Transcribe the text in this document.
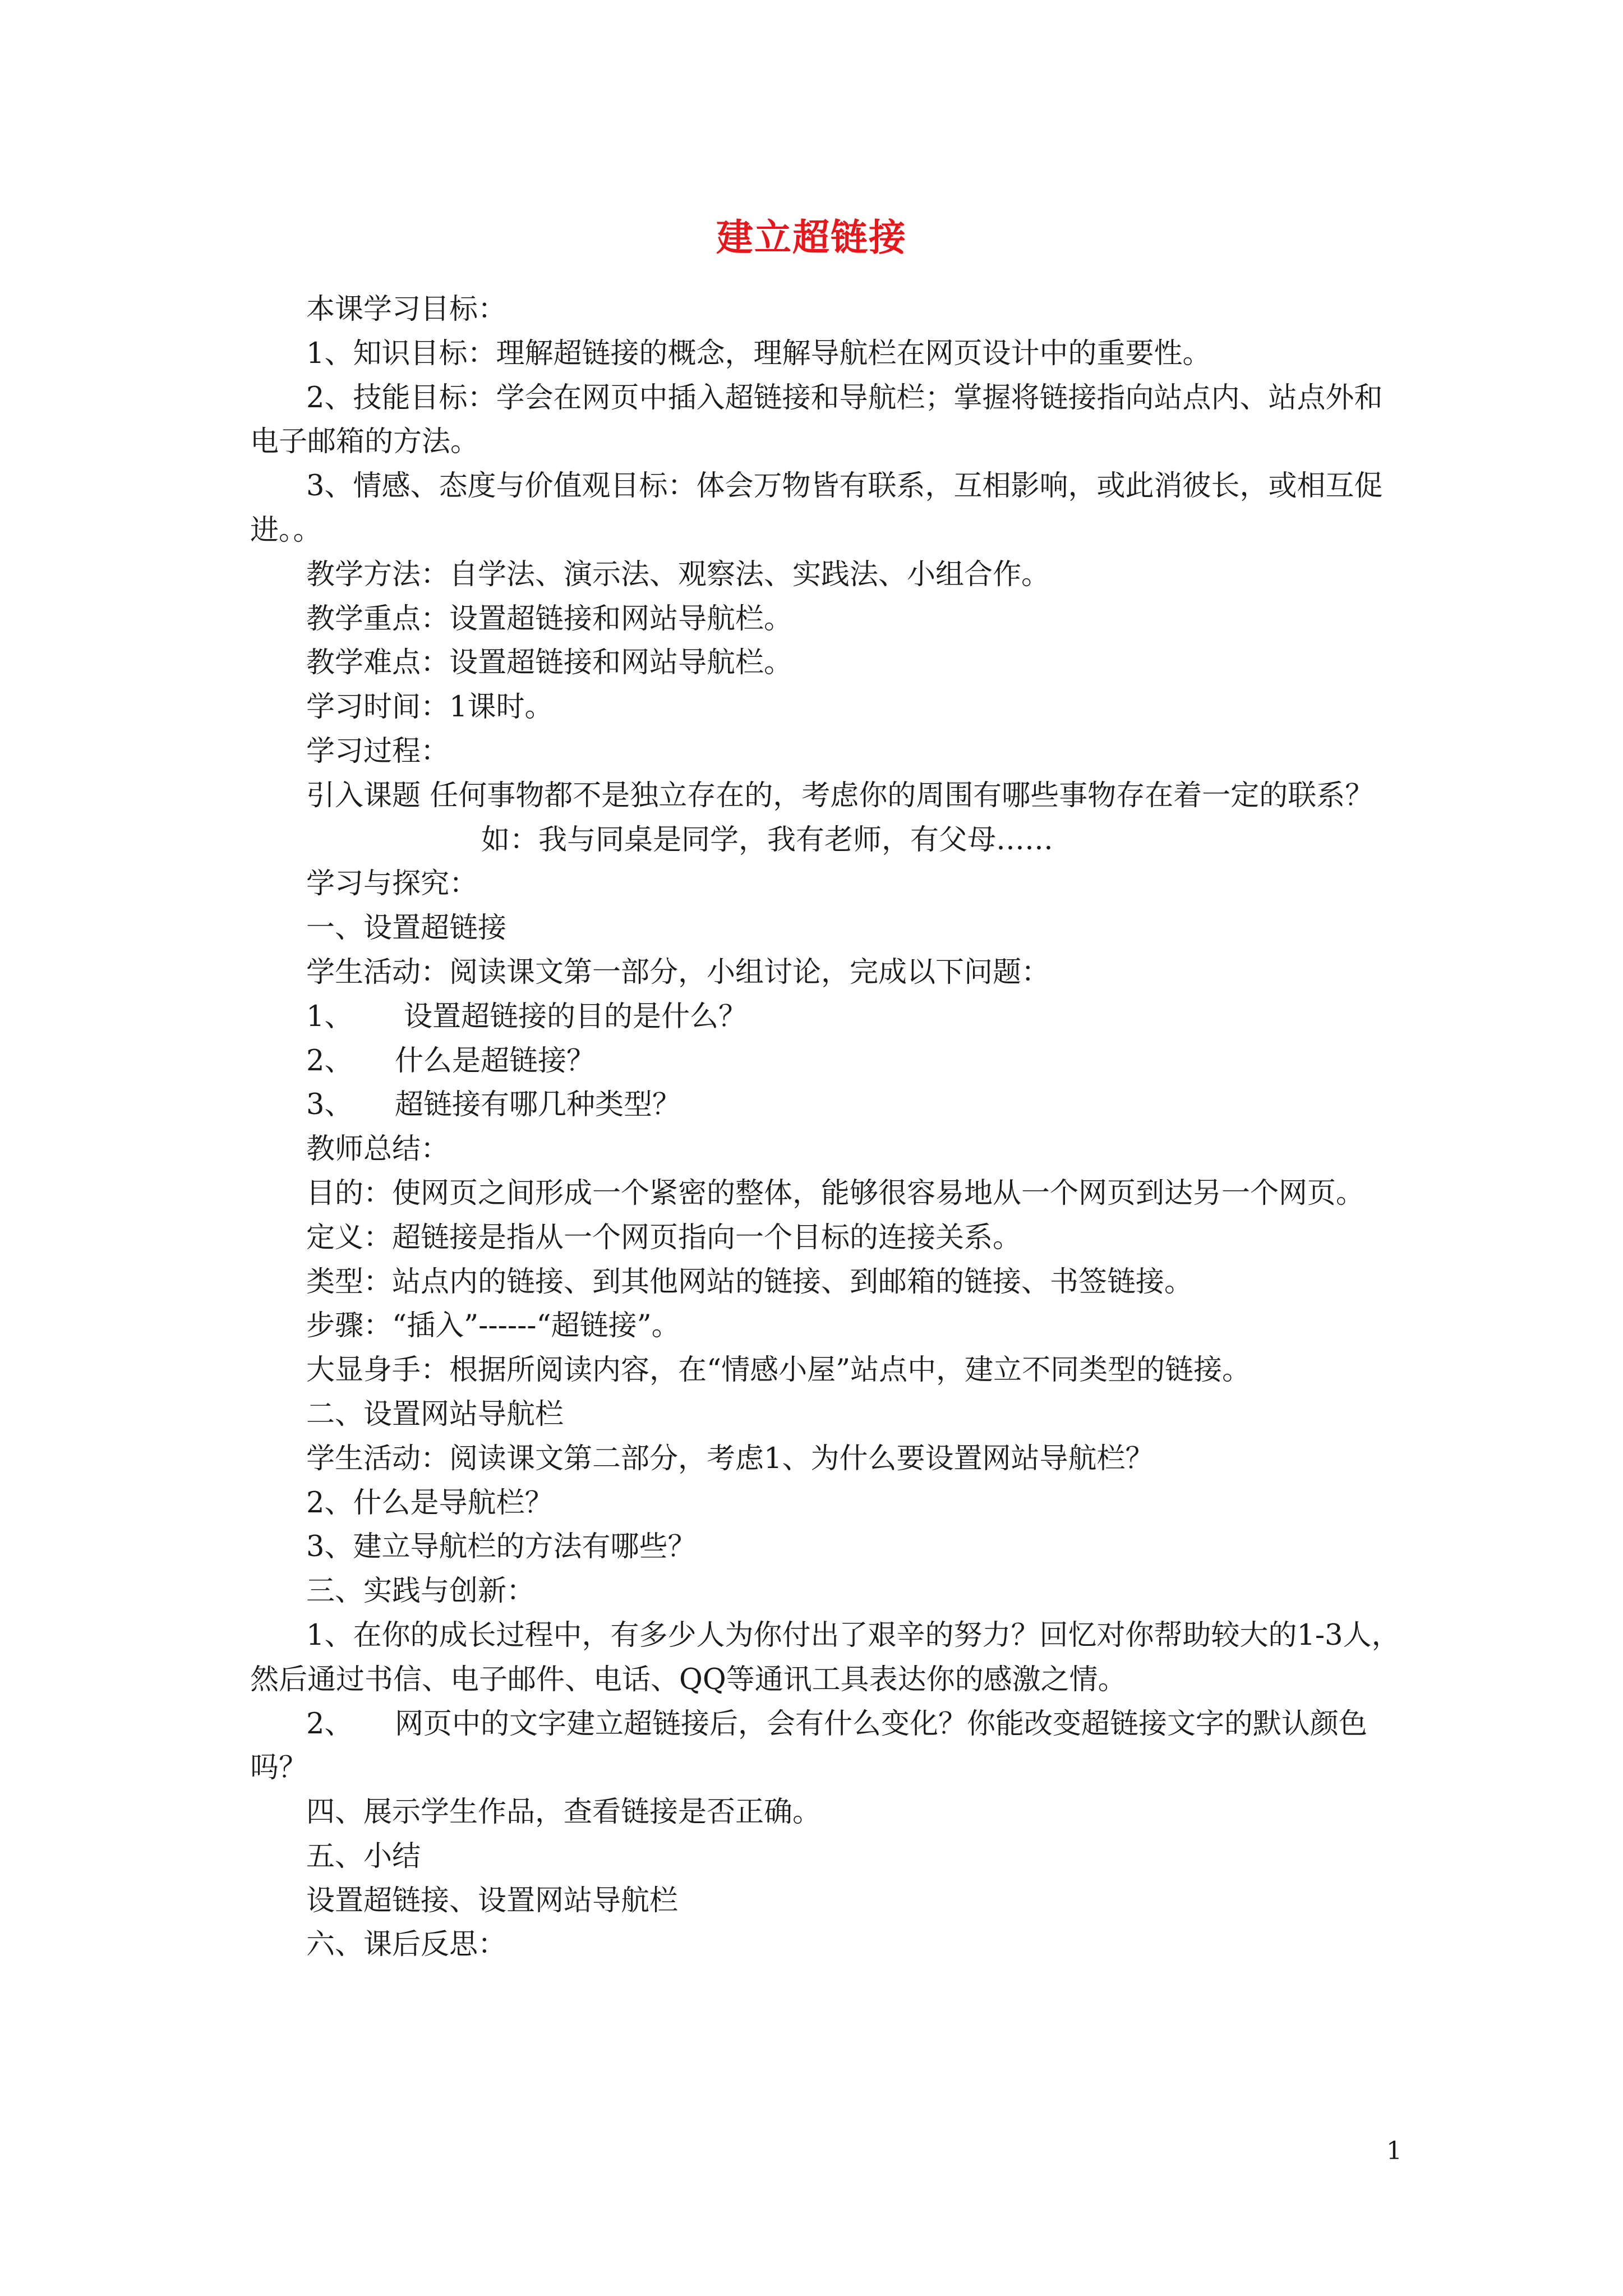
建立超链接
本课学习目标：
1、知识目标：理解超链接的概念，理解导航栏在网页设计中的重要性。
2、技能目标：学会在网页中插入超链接和导航栏；掌握将链接指向站点内、站点外和
电子邮箱的方法。
3、情感、态度与价值观目标：体会万物皆有联系，互相影响，或此消彼长，或相互促
进。。
教学方法：自学法、演示法、观察法、实践法、小组合作。
教学重点：设置超链接和网站导航栏。
教学难点：设置超链接和网站导航栏。
学习时间：1课时。
学习过程：
引入课题 任何事物都不是独立存在的，考虑你的周围有哪些事物存在着一定的联系？
如：我与同桌是同学，我有老师，有父母……
学习与探究：
一、设置超链接
学生活动：阅读课文第一部分，小组讨论，完成以下问题：
1、 设置超链接的目的是什么？
2、 什么是超链接？
3、 超链接有哪几种类型？
教师总结：
目的：使网页之间形成一个紧密的整体，能够很容易地从一个网页到达另一个网页。
定义：超链接是指从一个网页指向一个目标的连接关系。
类型：站点内的链接、到其他网站的链接、到邮箱的链接、书签链接。
步骤：“插入”------“超链接”。
大显身手：根据所阅读内容，在“情感小屋”站点中，建立不同类型的链接。
二、设置网站导航栏
学生活动：阅读课文第二部分，考虑1、为什么要设置网站导航栏？
2、什么是导航栏？
3、建立导航栏的方法有哪些？
三、实践与创新：
1、在你的成长过程中，有多少人为你付出了艰辛的努力？回忆对你帮助较大的1-3人，
然后通过书信、电子邮件、电话、QQ等通讯工具表达你的感激之情。
2、 网页中的文字建立超链接后，会有什么变化？你能改变超链接文字的默认颜色
吗？
四、展示学生作品，查看链接是否正确。
五、小结
设置超链接、设置网站导航栏
六、课后反思：
1
